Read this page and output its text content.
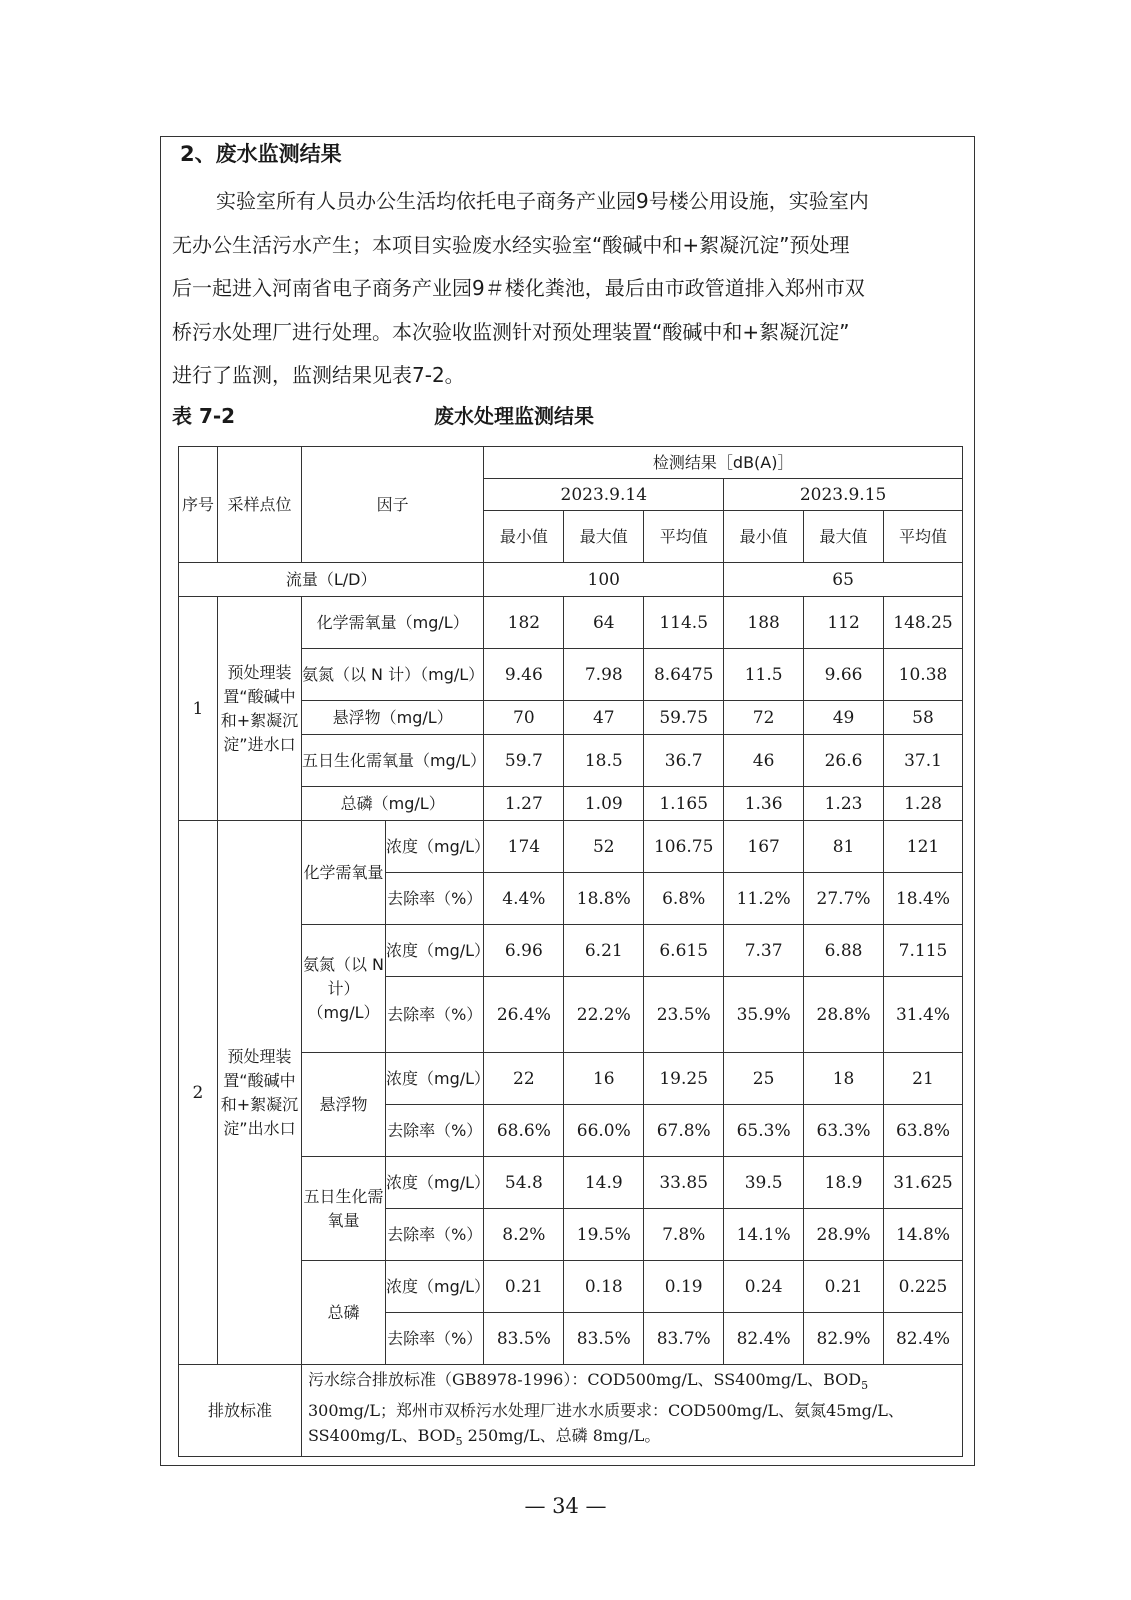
2、废水监测结果
实验室所有人员办公生活均依托电子商务产业园9号楼公用设施，实验室内
无办公生活污水产生；本项目实验废水经实验室“酸碱中和+絮凝沉淀”预处理
后一起进入河南省电子商务产业园9＃楼化粪池，最后由市政管道排入郑州市双
桥污水处理厂进行处理。本次验收监测针对预处理装置“酸碱中和+絮凝沉淀”
进行了监测，监测结果见表7-2。
表 7-2	废水处理监测结果
序号	采样点位	因子		检测结果［dB(A)］					
				2023.9.14			2023.9.15		
				最小值	最大值	平均值	最小值	最大值	平均值
流量（L/D）				100			65		
1	预处理装置“酸碱中和+絮凝沉淀”进水口	化学需氧量（mg/L）		182	64	114.5	188	112	148.25
		氨氮（以 N 计）（mg/L）		9.46	7.98	8.6475	11.5	9.66	10.38
		悬浮物（mg/L）		70	47	59.75	72	49	58
		五日生化需氧量（mg/L）		59.7	18.5	36.7	46	26.6	37.1
		总磷（mg/L）		1.27	1.09	1.165	1.36	1.23	1.28
2	预处理装置“酸碱中和+絮凝沉淀”出水口	化学需氧量	浓度（mg/L）	174	52	106.75	167	81	121
			去除率（%）	4.4%	18.8%	6.8%	11.2%	27.7%	18.4%
		氨氮（以 N 计）（mg/L）	浓度（mg/L）	6.96	6.21	6.615	7.37	6.88	7.115
			去除率（%）	26.4%	22.2%	23.5%	35.9%	28.8%	31.4%
		悬浮物	浓度（mg/L）	22	16	19.25	25	18	21
			去除率（%）	68.6%	66.0%	67.8%	65.3%	63.3%	63.8%
		五日生化需氧量	浓度（mg/L）	54.8	14.9	33.85	39.5	18.9	31.625
			去除率（%）	8.2%	19.5%	7.8%	14.1%	28.9%	14.8%
		总磷	浓度（mg/L）	0.21	0.18	0.19	0.24	0.21	0.225
			去除率（%）	83.5%	83.5%	83.7%	82.4%	82.9%	82.4%
排放标准		污水综合排放标准（GB8978-1996）：COD500mg/L、SS400mg/L、$BOD_5$ 300mg/L；郑州市双桥污水处理厂进水水质要求：COD500mg/L、氨氮45mg/L、SS400mg/L、$BOD_5$ 250mg/L、总磷 8mg/L。							
— 34 —
